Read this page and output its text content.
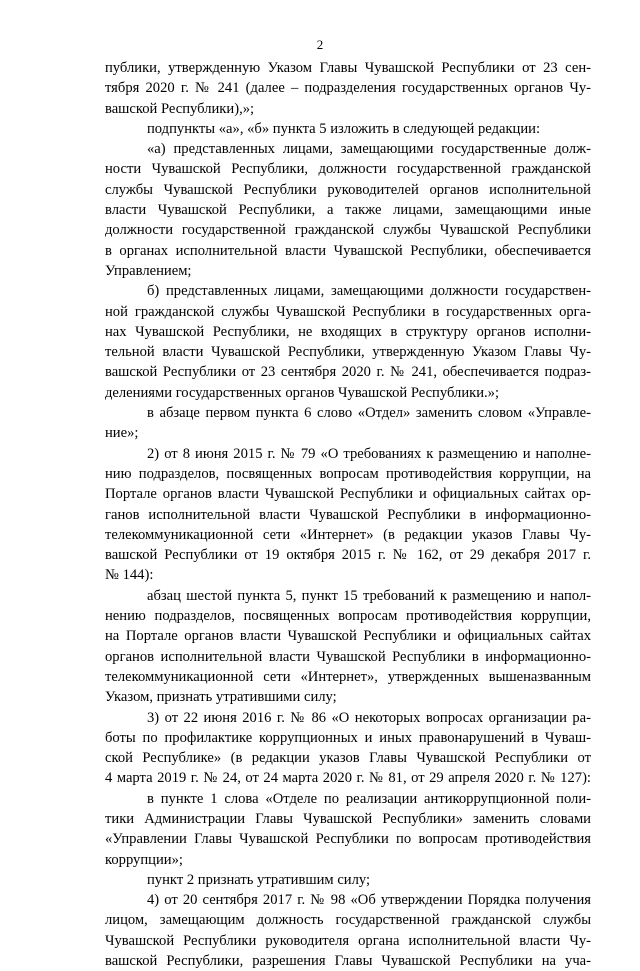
2
публики, утвержденную Указом Главы Чувашской Республики от 23 сен-
тября 2020 г. № 241 (далее – подразделения государственных органов Чу-
вашской Республики),»;
подпункты «а», «б» пункта 5 изложить в следующей редакции:
«а) представленных лицами, замещающими государственные долж-
ности Чувашской Республики, должности государственной гражданской
службы Чувашской Республики руководителей органов исполнительной
власти Чувашской Республики, а также лицами, замещающими иные
должности государственной гражданской службы Чувашской Республики
в органах исполнительной власти Чувашской Республики, обеспечивается
Управлением;
б) представленных лицами, замещающими должности государствен-
ной гражданской службы Чувашской Республики в государственных орга-
нах Чувашской Республики, не входящих в структуру органов исполни-
тельной власти Чувашской Республики, утвержденную Указом Главы Чу-
вашской Республики от 23 сентября 2020 г. № 241, обеспечивается подраз-
делениями государственных органов Чувашской Республики.»;
в абзаце первом пункта 6 слово «Отдел» заменить словом «Управле-
ние»;
2) от 8 июня 2015 г. № 79 «О требованиях к размещению и наполне-
нию подразделов, посвященных вопросам противодействия коррупции, на
Портале органов власти Чувашской Республики и официальных сайтах ор-
ганов исполнительной власти Чувашской Республики в информационно-
телекоммуникационной сети «Интернет» (в редакции указов Главы Чу-
вашской Республики от 19 октября 2015 г. № 162, от 29 декабря 2017 г.
№ 144):
абзац шестой пункта 5, пункт 15 требований к размещению и напол-
нению подразделов, посвященных вопросам противодействия коррупции,
на Портале органов власти Чувашской Республики и официальных сайтах
органов исполнительной власти Чувашской Республики в информационно-
телекоммуникационной сети «Интернет», утвержденных вышеназванным
Указом, признать утратившими силу;
3) от 22 июня 2016 г. № 86 «О некоторых вопросах организации ра-
боты по профилактике коррупционных и иных правонарушений в Чуваш-
ской Республике» (в редакции указов Главы Чувашской Республики от
4 марта 2019 г. № 24, от 24 марта 2020 г. № 81, от 29 апреля 2020 г. № 127):
в пункте 1 слова «Отделе по реализации антикоррупционной поли-
тики Администрации Главы Чувашской Республики» заменить словами
«Управлении Главы Чувашской Республики по вопросам противодействия
коррупции»;
пункт 2 признать утратившим силу;
4) от 20 сентября 2017 г. № 98 «Об утверждении Порядка получения
лицом, замещающим должность государственной гражданской службы
Чувашской Республики руководителя органа исполнительной власти Чу-
вашской Республики, разрешения Главы Чувашской Республики на уча-
